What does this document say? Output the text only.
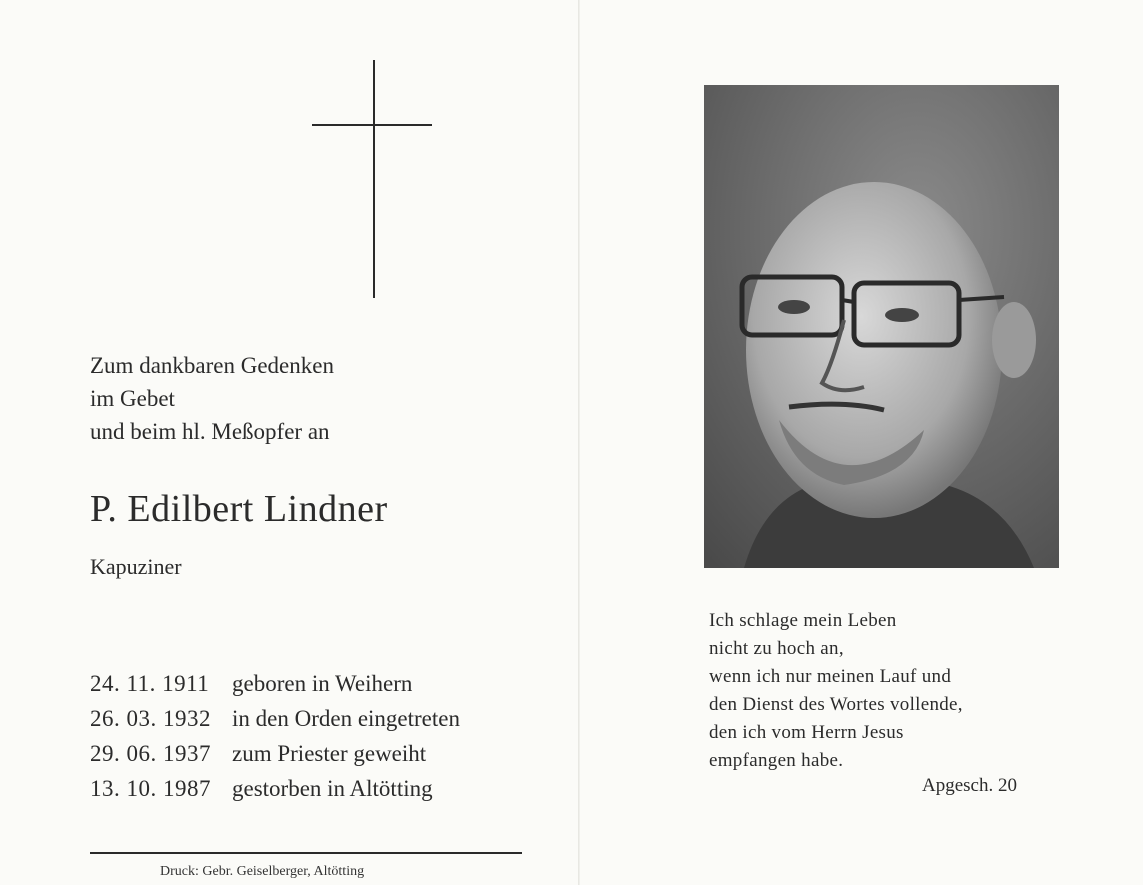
Zum dankbaren Gedenken
im Gebet
und beim hl. Meßopfer an
P. Edilbert Lindner
Kapuziner
24. 11. 1911 geboren in Weihern
26. 03. 1932 in den Orden eingetreten
29. 06. 1937 zum Priester geweiht
13. 10. 1987 gestorben in Altötting
Druck: Gebr. Geiselberger, Altötting
Ich schlage mein Leben
nicht zu hoch an,
wenn ich nur meinen Lauf und
den Dienst des Wortes vollende,
den ich vom Herrn Jesus
empfangen habe.
Apgesch. 20
